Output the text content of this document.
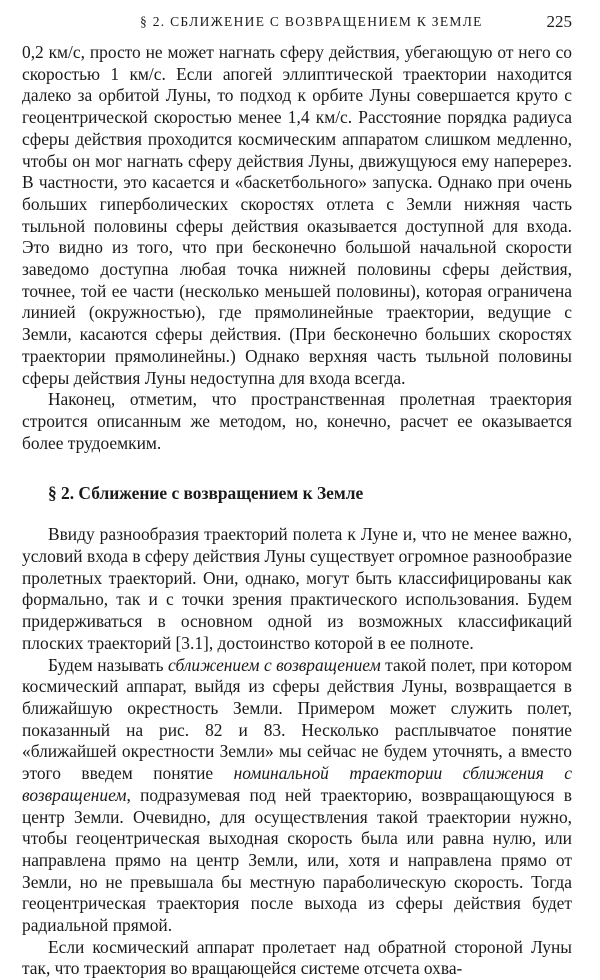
§ 2. СБЛИЖЕНИЕ С ВОЗВРАЩЕНИЕМ К ЗЕМЛЕ	225

0,2 км/с, просто не может нагнать сферу действия, убегающую от него со скоростью 1 км/с. Если апогей эллиптической траектории находится далеко за орбитой Луны, то подход к орбите Луны совершается круто с геоцентрической скоростью менее 1,4 км/с. Расстояние порядка радиуса сферы действия проходится космическим аппаратом слишком медленно, чтобы он мог нагнать сферу действия Луны, движущуюся ему наперерез. В частности, это касается и «баскетбольного» запуска. Однако при очень больших гиперболических скоростях отлета с Земли нижняя часть тыльной половины сферы действия оказывается доступной для входа. Это видно из того, что при бесконечно большой начальной скорости заведомо доступна любая точка нижней половины сферы действия, точнее, той ее части (несколько меньшей половины), которая ограничена линией (окружностью), где прямолинейные траектории, ведущие с Земли, касаются сферы действия. (При бесконечно больших скоростях траектории прямолинейны.) Однако верхняя часть тыльной половины сферы действия Луны недоступна для входа всегда.

Наконец, отметим, что пространственная пролетная траектория строится описанным же методом, но, конечно, расчет ее оказывается более трудоемким.

§ 2. Сближение с возвращением к Земле

Ввиду разнообразия траекторий полета к Луне и, что не менее важно, условий входа в сферу действия Луны существует огромное разнообразие пролетных траекторий. Они, однако, могут быть классифицированы как формально, так и с точки зрения практического использования. Будем придерживаться в основном одной из возможных классификаций плоских траекторий [3.1], достоинство которой в ее полноте.

Будем называть сближением с возвращением такой полет, при котором космический аппарат, выйдя из сферы действия Луны, возвращается в ближайшую окрестность Земли. Примером может служить полет, показанный на рис. 82 и 83. Несколько расплывчатое понятие «ближайшей окрестности Земли» мы сейчас не будем уточнять, а вместо этого введем понятие номинальной траектории сближения с возвращением, подразумевая под ней траекторию, возвращающуюся в центр Земли. Очевидно, для осуществления такой траектории нужно, чтобы геоцентрическая выходная скорость была или равна нулю, или направлена прямо на центр Земли, или, хотя и направлена прямо от Земли, но не превышала бы местную параболическую скорость. Тогда геоцентрическая траектория после выхода из сферы действия будет радиальной прямой.

Если космический аппарат пролетает над обратной стороной Луны так, что траектория во вращающейся системе отсчета охва-
